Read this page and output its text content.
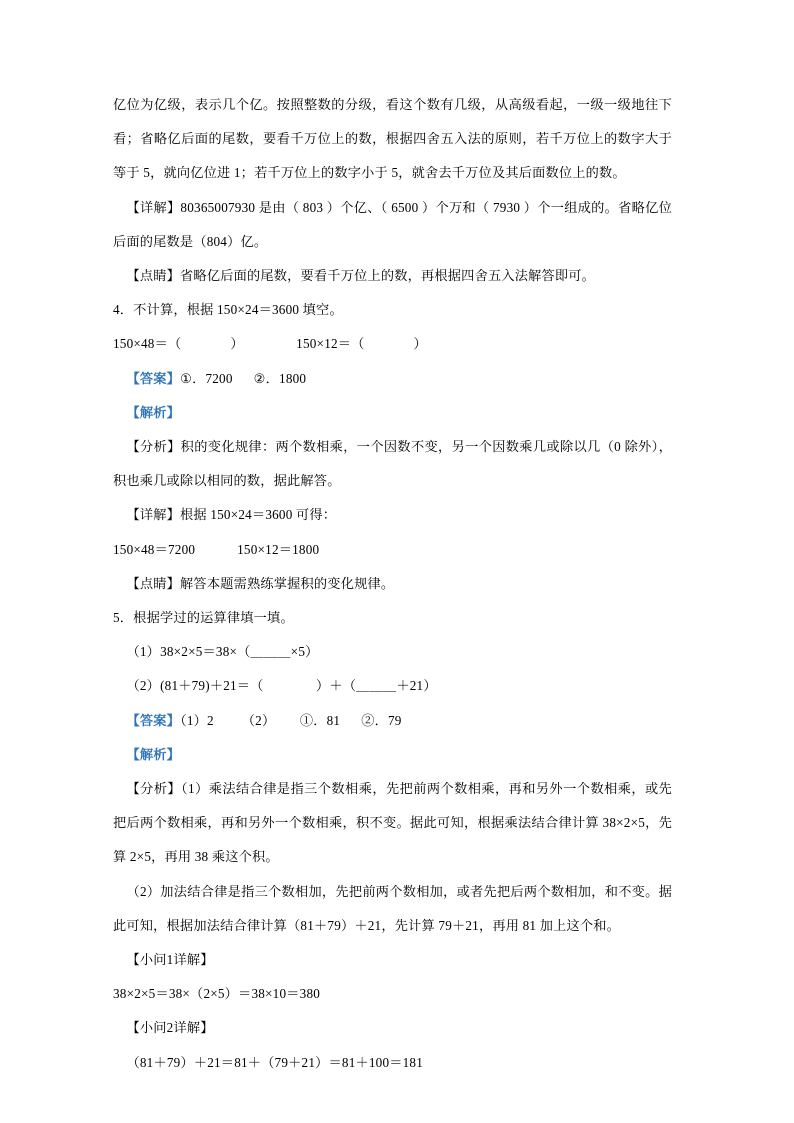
亿位为亿级，表示几个亿。按照整数的分级，看这个数有几级，从高级看起，一级一级地往下看；省略亿后面的尾数，要看千万位上的数，根据四舍五入法的原则，若千万位上的数字大于等于 5，就向亿位进 1；若千万位上的数字小于 5，就舍去千万位及其后面数位上的数。

【详解】80365007930 是由（ 803 ）个亿、（ 6500 ）个万和（ 7930 ）个一组成的。省略亿位后面的尾数是（804）亿。

【点睛】省略亿后面的尾数，要看千万位上的数，再根据四舍五入法解答即可。

4．不计算，根据 150×24＝3600 填空。

150×48＝（              ）               150×12＝（              ）

【答案】①．7200      ②．1800

【解析】

【分析】积的变化规律：两个数相乘，一个因数不变，另一个因数乘几或除以几（0 除外），积也乘几或除以相同的数，据此解答。

【详解】根据 150×24＝3600 可得：

150×48＝7200            150×12＝1800

【点睛】解答本题需熟练掌握积的变化规律。

5．根据学过的运算律填一填。

（1）38×2×5＝38×（＿＿＿×5）

（2）(81＋79)＋21＝（               ）＋（＿＿＿＋21）

【答案】（1）2        （2）       ①．81      ②．79

【解析】

【分析】（1）乘法结合律是指三个数相乘，先把前两个数相乘，再和另外一个数相乘，或先把后两个数相乘，再和另外一个数相乘，积不变。据此可知，根据乘法结合律计算 38×2×5，先算 2×5，再用 38 乘这个积。

（2）加法结合律是指三个数相加，先把前两个数相加，或者先把后两个数相加，和不变。据此可知，根据加法结合律计算（81＋79）＋21，先计算 79＋21，再用 81 加上这个和。

【小问1详解】

38×2×5＝38×（2×5）＝38×10＝380

【小问2详解】

（81＋79）＋21＝81＋（79＋21）＝81＋100＝181
